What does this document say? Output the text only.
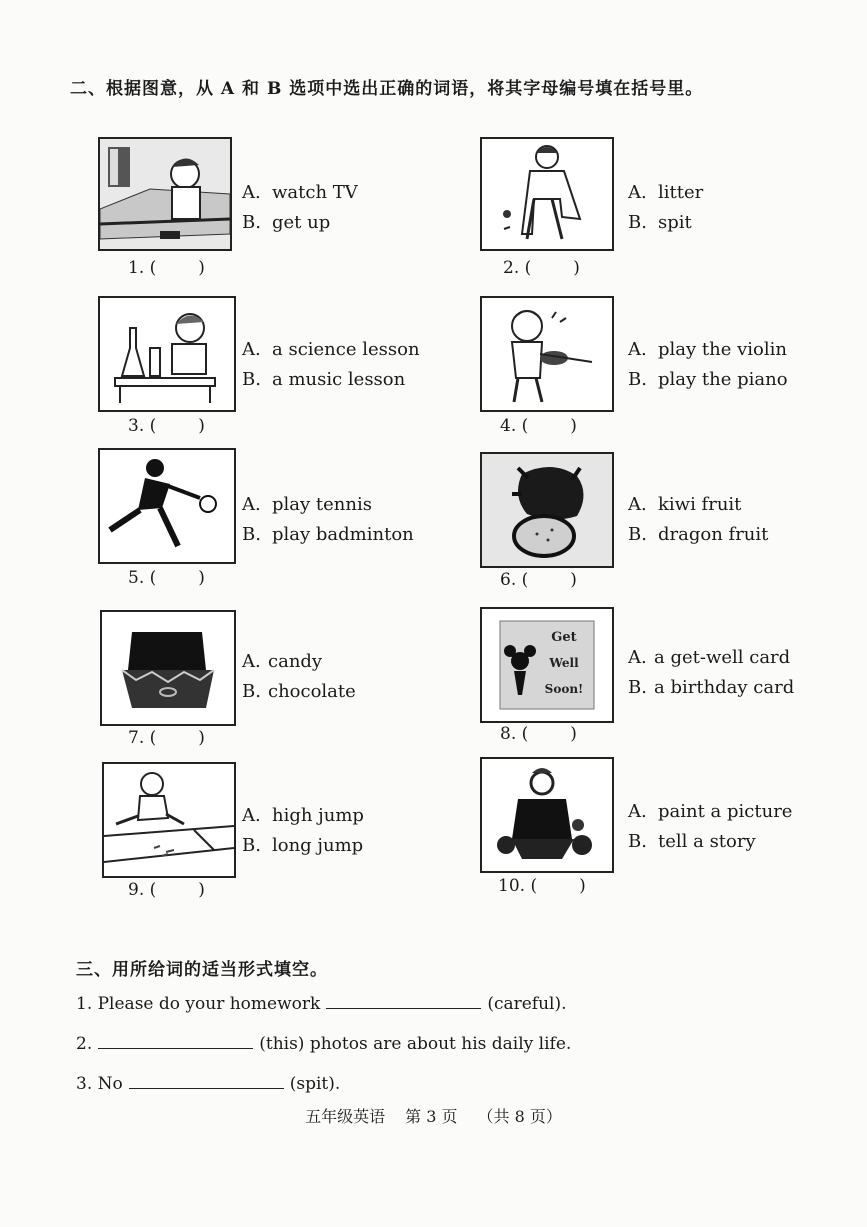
二、根据图意，从 A 和 B 选项中选出正确的词语，将其字母编号填在括号里。
A. watch TV
B. get up
1. ( )
A. litter
B. spit
2. ( )
A. a science lesson
B. a music lesson
3. ( )
A. play the violin
B. play the piano
4. ( )
A. play tennis
B. play badminton
5. ( )
A. kiwi fruit
B. dragon fruit
6. ( )
A. candy
B. chocolate
7. ( )
Get
Well
Soon!
A. a get-well card
B. a birthday card
8. ( )
A. high jump
B. long jump
9. ( )
A. paint a picture
B. tell a story
10. ( )
三、用所给词的适当形式填空。
1. Please do your homework	(careful).
2.	(this) photos are about his daily life.
3. No	(spit).
五年级英语 第 3 页 （共 8 页）
